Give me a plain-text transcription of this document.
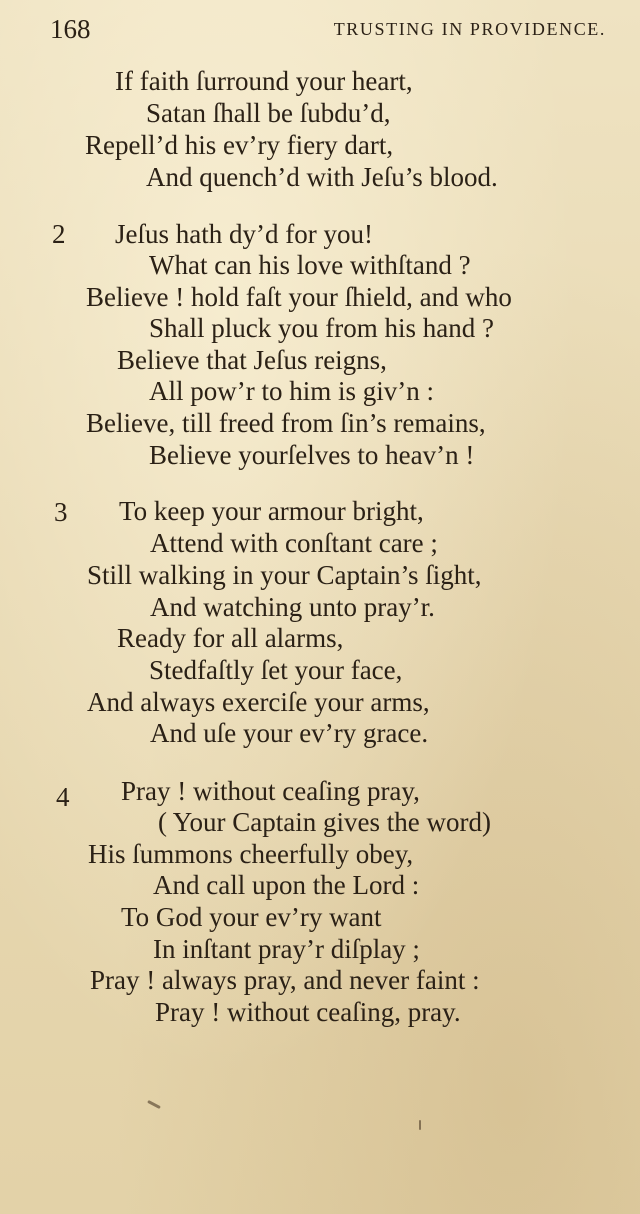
168	TRUSTING IN PROVIDENCE.
If faith ſurround your heart,
Satan ſhall be ſubdu’d,
Repell’d his ev’ry fiery dart,
And quench’d with Jeſu’s blood.
2 Jeſus hath dy’d for you!
What can his love withſtand ?
Believe ! hold faſt your ſhield, and who
Shall pluck you from his hand ?
Believe that Jeſus reigns,
All pow’r to him is giv’n :
Believe, till freed from ſin’s remains,
Believe yourſelves to heav’n !
3 To keep your armour bright,
Attend with conſtant care ;
Still walking in your Captain’s ſight,
And watching unto pray’r.
Ready for all alarms,
Stedfaſtly ſet your face,
And always exerciſe your arms,
And uſe your ev’ry grace.
4 Pray ! without ceaſing pray,
( Your Captain gives the word)
His ſummons cheerfully obey,
And call upon the Lord :
To God your ev’ry want
In inſtant pray’r diſplay ;
Pray ! always pray, and never faint :
Pray ! without ceaſing, pray.
